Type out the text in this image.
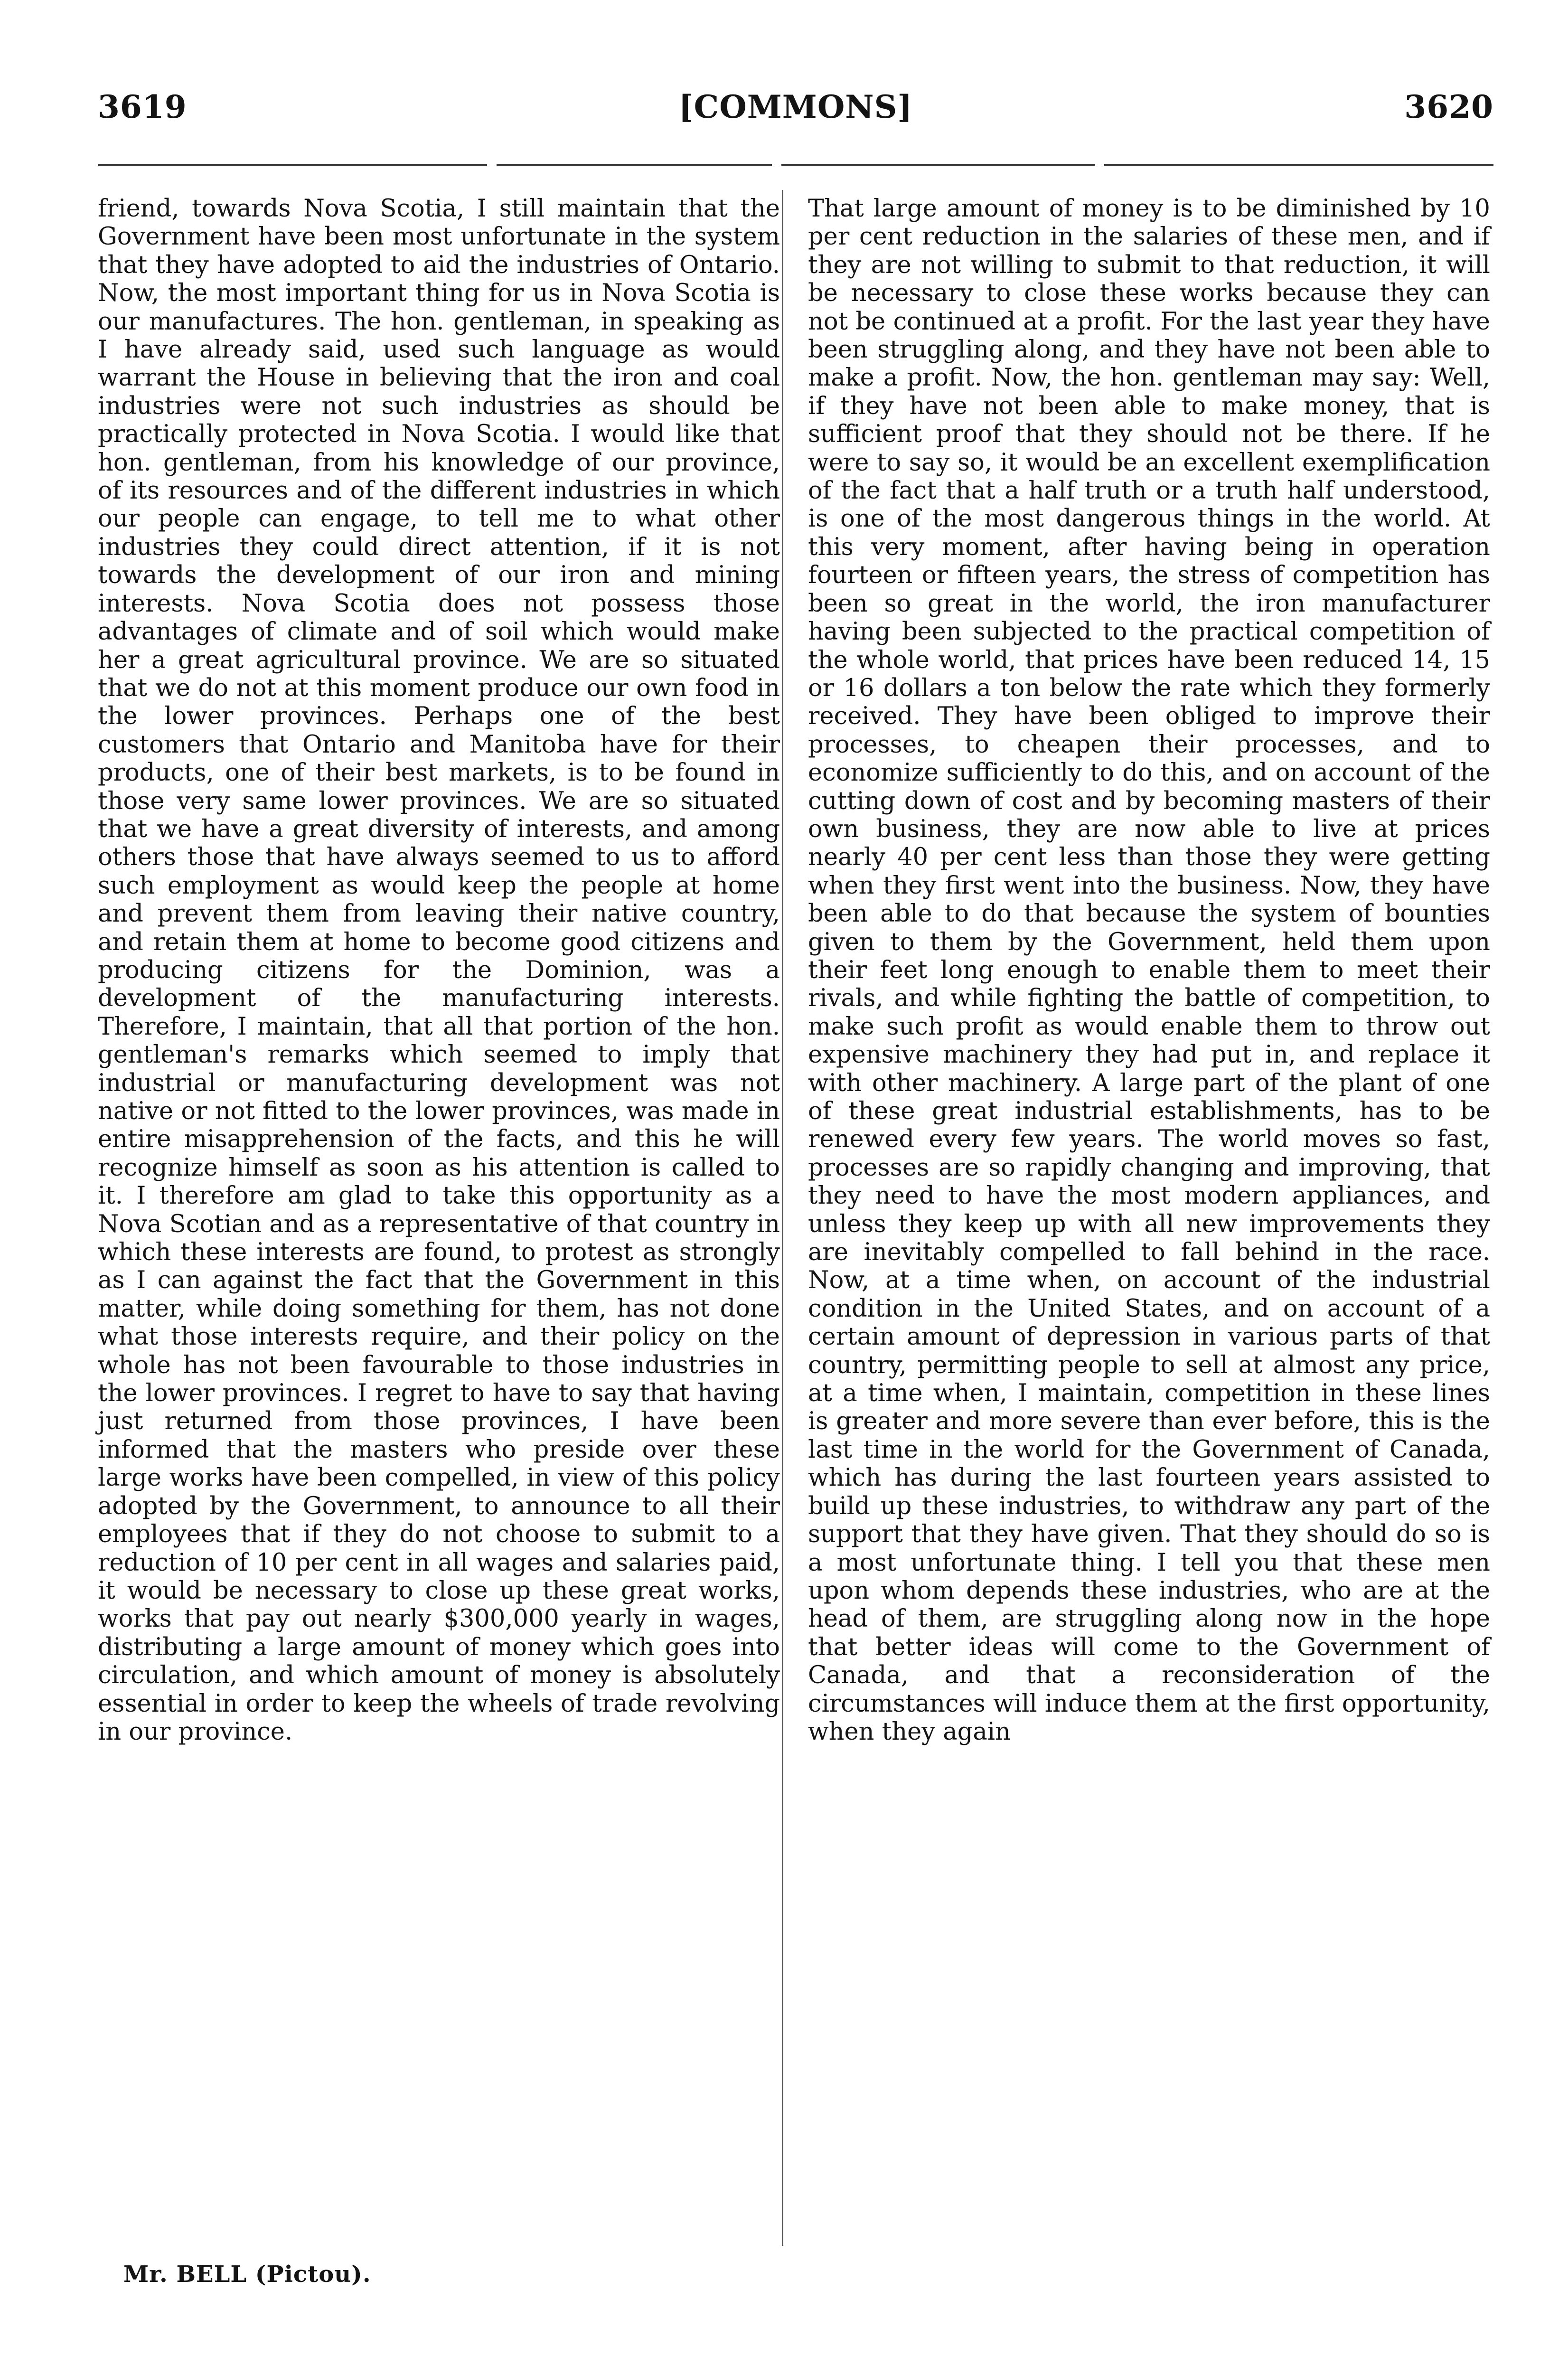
3619	[COMMONS]	3620

friend, towards Nova Scotia, I still maintain that the Government have been most unfortunate in the system that they have adopted to aid the industries of Ontario. Now, the most important thing for us in Nova Scotia is our manufactures. The hon. gentleman, in speaking as I have already said, used such language as would warrant the House in believing that the iron and coal industries were not such industries as should be practically protected in Nova Scotia. I would like that hon. gentleman, from his knowledge of our province, of its resources and of the different industries in which our people can engage, to tell me to what other industries they could direct attention, if it is not towards the development of our iron and mining interests. Nova Scotia does not possess those advantages of climate and of soil which would make her a great agricultural province. We are so situated that we do not at this moment produce our own food in the lower provinces. Perhaps one of the best customers that Ontario and Manitoba have for their products, one of their best markets, is to be found in those very same lower provinces. We are so situated that we have a great diversity of interests, and among others those that have always seemed to us to afford such employment as would keep the people at home and prevent them from leaving their native country, and retain them at home to become good citizens and producing citizens for the Dominion, was a development of the manufacturing interests. Therefore, I maintain, that all that portion of the hon. gentleman's remarks which seemed to imply that industrial or manufacturing development was not native or not fitted to the lower provinces, was made in entire misapprehension of the facts, and this he will recognize himself as soon as his attention is called to it. I therefore am glad to take this opportunity as a Nova Scotian and as a representative of that country in which these interests are found, to protest as strongly as I can against the fact that the Government in this matter, while doing something for them, has not done what those interests require, and their policy on the whole has not been favourable to those industries in the lower provinces. I regret to have to say that having just returned from those provinces, I have been informed that the masters who preside over these large works have been compelled, in view of this policy adopted by the Government, to announce to all their employees that if they do not choose to submit to a reduction of 10 per cent in all wages and salaries paid, it would be necessary to close up these great works, works that pay out nearly $300,000 yearly in wages, distributing a large amount of money which goes into circulation, and which amount of money is absolutely essential in order to keep the wheels of trade revolving in our province.

That large amount of money is to be diminished by 10 per cent reduction in the salaries of these men, and if they are not willing to submit to that reduction, it will be necessary to close these works because they can not be continued at a profit. For the last year they have been struggling along, and they have not been able to make a profit. Now, the hon. gentleman may say: Well, if they have not been able to make money, that is sufficient proof that they should not be there. If he were to say so, it would be an excellent exemplification of the fact that a half truth or a truth half understood, is one of the most dangerous things in the world. At this very moment, after having being in operation fourteen or fifteen years, the stress of competition has been so great in the world, the iron manufacturer having been subjected to the practical competition of the whole world, that prices have been reduced 14, 15 or 16 dollars a ton below the rate which they formerly received. They have been obliged to improve their processes, to cheapen their processes, and to economize sufficiently to do this, and on account of the cutting down of cost and by becoming masters of their own business, they are now able to live at prices nearly 40 per cent less than those they were getting when they first went into the business. Now, they have been able to do that because the system of bounties given to them by the Government, held them upon their feet long enough to enable them to meet their rivals, and while fighting the battle of competition, to make such profit as would enable them to throw out expensive machinery they had put in, and replace it with other machinery. A large part of the plant of one of these great industrial establishments, has to be renewed every few years. The world moves so fast, processes are so rapidly changing and improving, that they need to have the most modern appliances, and unless they keep up with all new improvements they are inevitably compelled to fall behind in the race. Now, at a time when, on account of the industrial condition in the United States, and on account of a certain amount of depression in various parts of that country, permitting people to sell at almost any price, at a time when, I maintain, competition in these lines is greater and more severe than ever before, this is the last time in the world for the Government of Canada, which has during the last fourteen years assisted to build up these industries, to withdraw any part of the support that they have given. That they should do so is a most unfortunate thing. I tell you that these men upon whom depends these industries, who are at the head of them, are struggling along now in the hope that better ideas will come to the Government of Canada, and that a reconsideration of the circumstances will induce them at the first opportunity, when they again

Mr. BELL (Pictou).
